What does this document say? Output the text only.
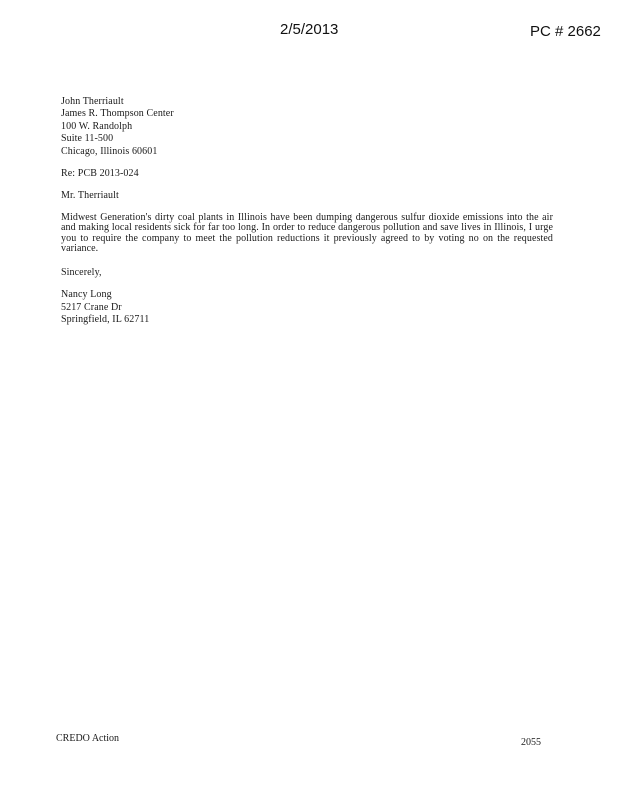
2/5/2013	PC # 2662
John Therriault
James R. Thompson Center
100 W. Randolph
Suite 11-500
Chicago, Illinois 60601
Re: PCB 2013-024
Mr. Therriault

Midwest Generation's dirty coal plants in Illinois have been dumping dangerous sulfur dioxide emissions into the air and making local residents sick for far too long. In order to reduce dangerous pollution and save lives in Illinois, I urge you to require the company to meet the pollution reductions it previously agreed to by voting no on the requested variance.

Sincerely,
Nancy Long
5217 Crane Dr
Springfield, IL 62711
CREDO Action	2055
